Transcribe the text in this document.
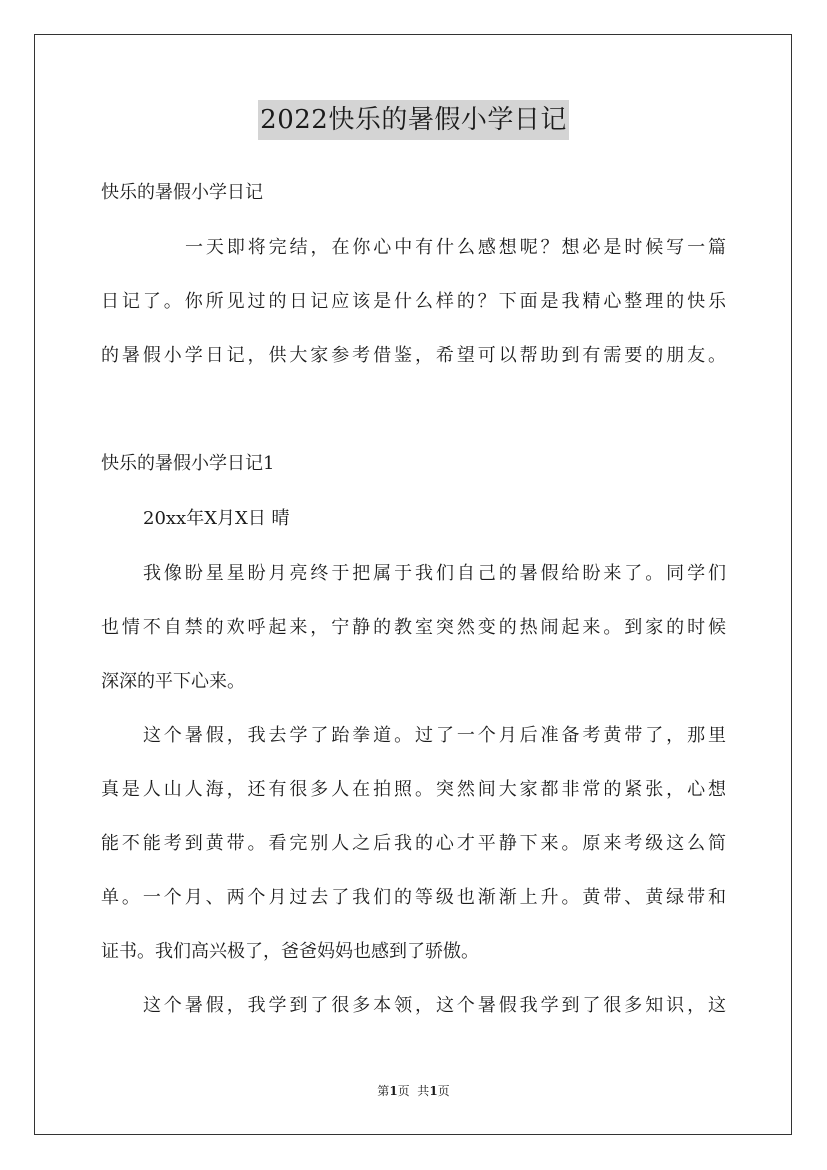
2022快乐的暑假小学日记
快乐的暑假小学日记
一天即将完结，在你心中有什么感想呢？想必是时候写一篇
日记了。你所见过的日记应该是什么样的？下面是我精心整理的快乐
的暑假小学日记，供大家参考借鉴，希望可以帮助到有需要的朋友。
快乐的暑假小学日记1
20xx年X月X日 晴
我像盼星星盼月亮终于把属于我们自己的暑假给盼来了。同学们
也情不自禁的欢呼起来，宁静的教室突然变的热闹起来。到家的时候
深深的平下心来。
这个暑假，我去学了跆拳道。过了一个月后准备考黄带了，那里
真是人山人海，还有很多人在拍照。突然间大家都非常的紧张，心想
能不能考到黄带。看完别人之后我的心才平静下来。原来考级这么简
单。一个月、两个月过去了我们的等级也渐渐上升。黄带、黄绿带和
证书。我们高兴极了，爸爸妈妈也感到了骄傲。
这个暑假，我学到了很多本领，这个暑假我学到了很多知识，这
第1页  共1页
